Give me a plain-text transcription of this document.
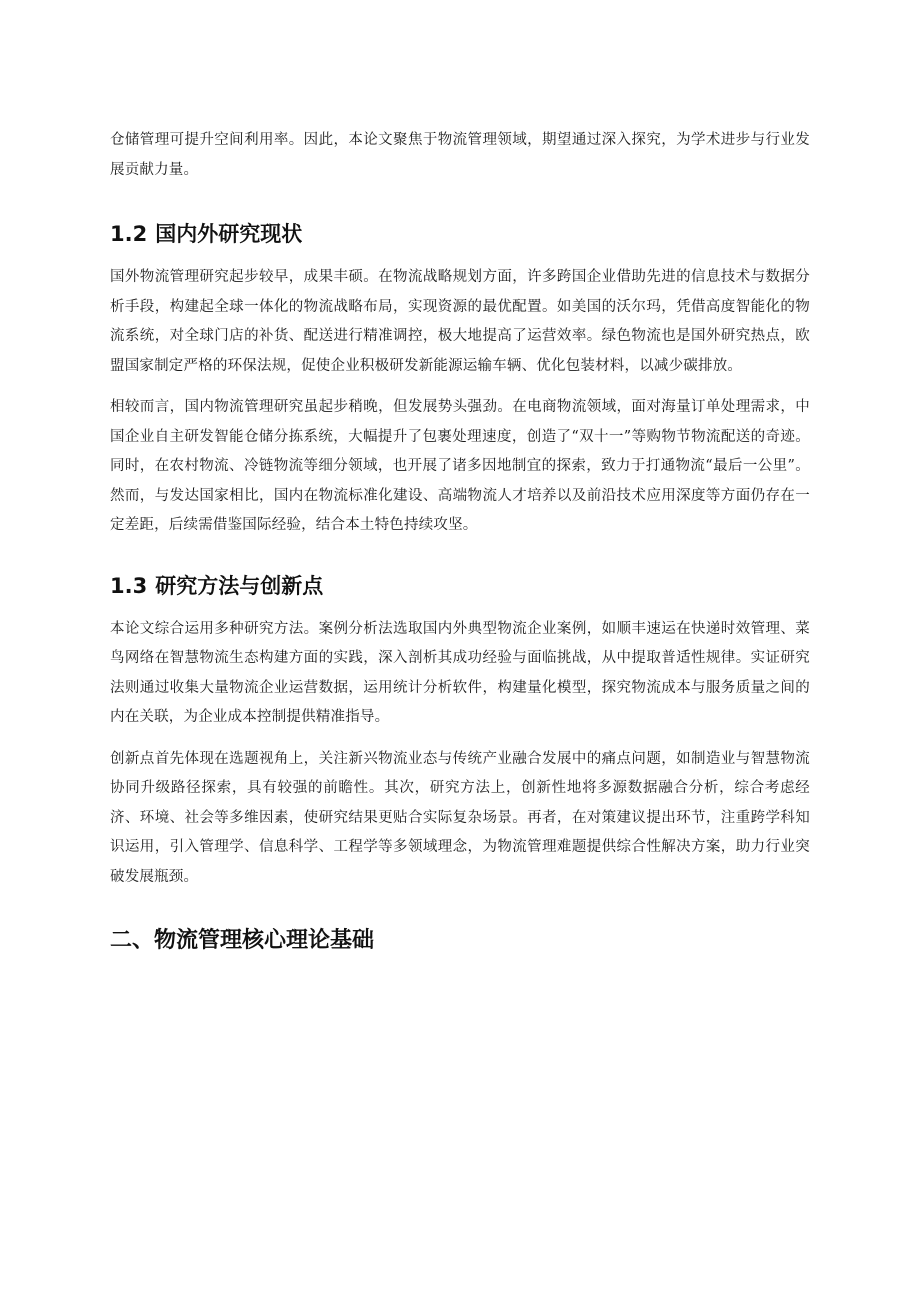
仓储管理可提升空间利用率。因此，本论文聚焦于物流管理领域，期望通过深入探究，为学术进步与行业发展贡献力量。

1.2 国内外研究现状

国外物流管理研究起步较早，成果丰硕。在物流战略规划方面，许多跨国企业借助先进的信息技术与数据分析手段，构建起全球一体化的物流战略布局，实现资源的最优配置。如美国的沃尔玛，凭借高度智能化的物流系统，对全球门店的补货、配送进行精准调控，极大地提高了运营效率。绿色物流也是国外研究热点，欧盟国家制定严格的环保法规，促使企业积极研发新能源运输车辆、优化包装材料，以减少碳排放。

相较而言，国内物流管理研究虽起步稍晚，但发展势头强劲。在电商物流领域，面对海量订单处理需求，中国企业自主研发智能仓储分拣系统，大幅提升了包裹处理速度，创造了“双十一”等购物节物流配送的奇迹。同时，在农村物流、冷链物流等细分领域，也开展了诸多因地制宜的探索，致力于打通物流“最后一公里”。然而，与发达国家相比，国内在物流标准化建设、高端物流人才培养以及前沿技术应用深度等方面仍存在一定差距，后续需借鉴国际经验，结合本土特色持续攻坚。

1.3 研究方法与创新点

本论文综合运用多种研究方法。案例分析法选取国内外典型物流企业案例，如顺丰速运在快递时效管理、菜鸟网络在智慧物流生态构建方面的实践，深入剖析其成功经验与面临挑战，从中提取普适性规律。实证研究法则通过收集大量物流企业运营数据，运用统计分析软件，构建量化模型，探究物流成本与服务质量之间的内在关联，为企业成本控制提供精准指导。

创新点首先体现在选题视角上，关注新兴物流业态与传统产业融合发展中的痛点问题，如制造业与智慧物流协同升级路径探索，具有较强的前瞻性。其次，研究方法上，创新性地将多源数据融合分析，综合考虑经济、环境、社会等多维因素，使研究结果更贴合实际复杂场景。再者，在对策建议提出环节，注重跨学科知识运用，引入管理学、信息科学、工程学等多领域理念，为物流管理难题提供综合性解决方案，助力行业突破发展瓶颈。

二、物流管理核心理论基础
